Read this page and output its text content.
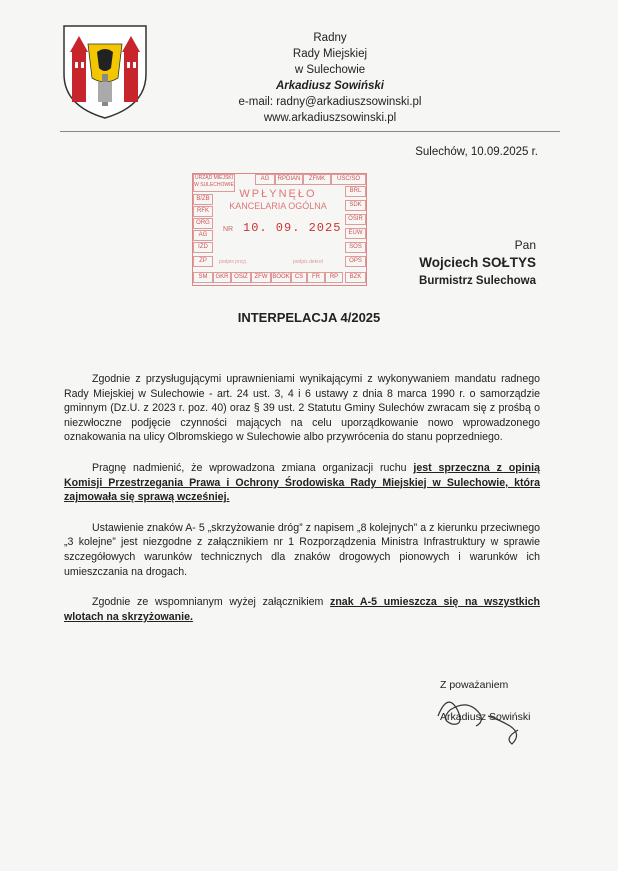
Radny
Rady Miejskiej
w Sulechowie
Arkadiusz Sowiński
e-mail: radny@arkadiuszsowinski.pl
www.arkadiuszsowinski.pl
Sulechów, 10.09.2025 r.
URZĄD MIEJSKI W SULECHOWIE
AG	RPDIAN	ZFMK	USC/SO
B/ZB
RFK
ORG
AG
IZD
ZP
SM
BRL
SDK
OSIR
EUW
SOS
OPS
BZK
GKR OSiZ	ZFW BOOK CS	FR	RP
WPŁYNĘŁO
KANCELARIA OGÓLNA
NR 10. 09. 2025
podpis przyj.	podpis dekret
Pan
Wojciech SOŁTYS
Burmistrz Sulechowa
INTERPELACJA 4/2025

Zgodnie z przysługującymi uprawnieniami wynikającymi z wykonywaniem mandatu radnego Rady Miejskiej w Sulechowie - art. 24 ust. 3, 4 i 6 ustawy z dnia 8 marca 1990 r. o samorządzie gminnym (Dz.U. z 2023 r. poz. 40) oraz § 39 ust. 2 Statutu Gminy Sulechów zwracam się z prośbą o niezwłoczne podjęcie czynności mających na celu uporządkowanie nowo wprowadzonego oznakowania na ulicy Olbromskiego w Sulechowie albo przywrócenia do stanu poprzedniego.

Pragnę nadmienić, że wprowadzona zmiana organizacji ruchu jest sprzeczna z opinią Komisji Przestrzegania Prawa i Ochrony Środowiska Rady Miejskiej w Sulechowie, która zajmowała się sprawą wcześniej.

Ustawienie znaków A- 5 „skrzyżowanie dróg” z napisem „8 kolejnych” a z kierunku przeciwnego „3 kolejne” jest niezgodne z załącznikiem nr 1 Rozporządzenia Ministra Infrastruktury w sprawie szczegółowych warunków technicznych dla znaków drogowych pionowych i warunków ich umieszczania na drogach.

Zgodnie ze wspomnianym wyżej załącznikiem znak A-5 umieszcza się na wszystkich wlotach na skrzyżowanie.

Z poważaniem
Arkadiusz Sowiński
